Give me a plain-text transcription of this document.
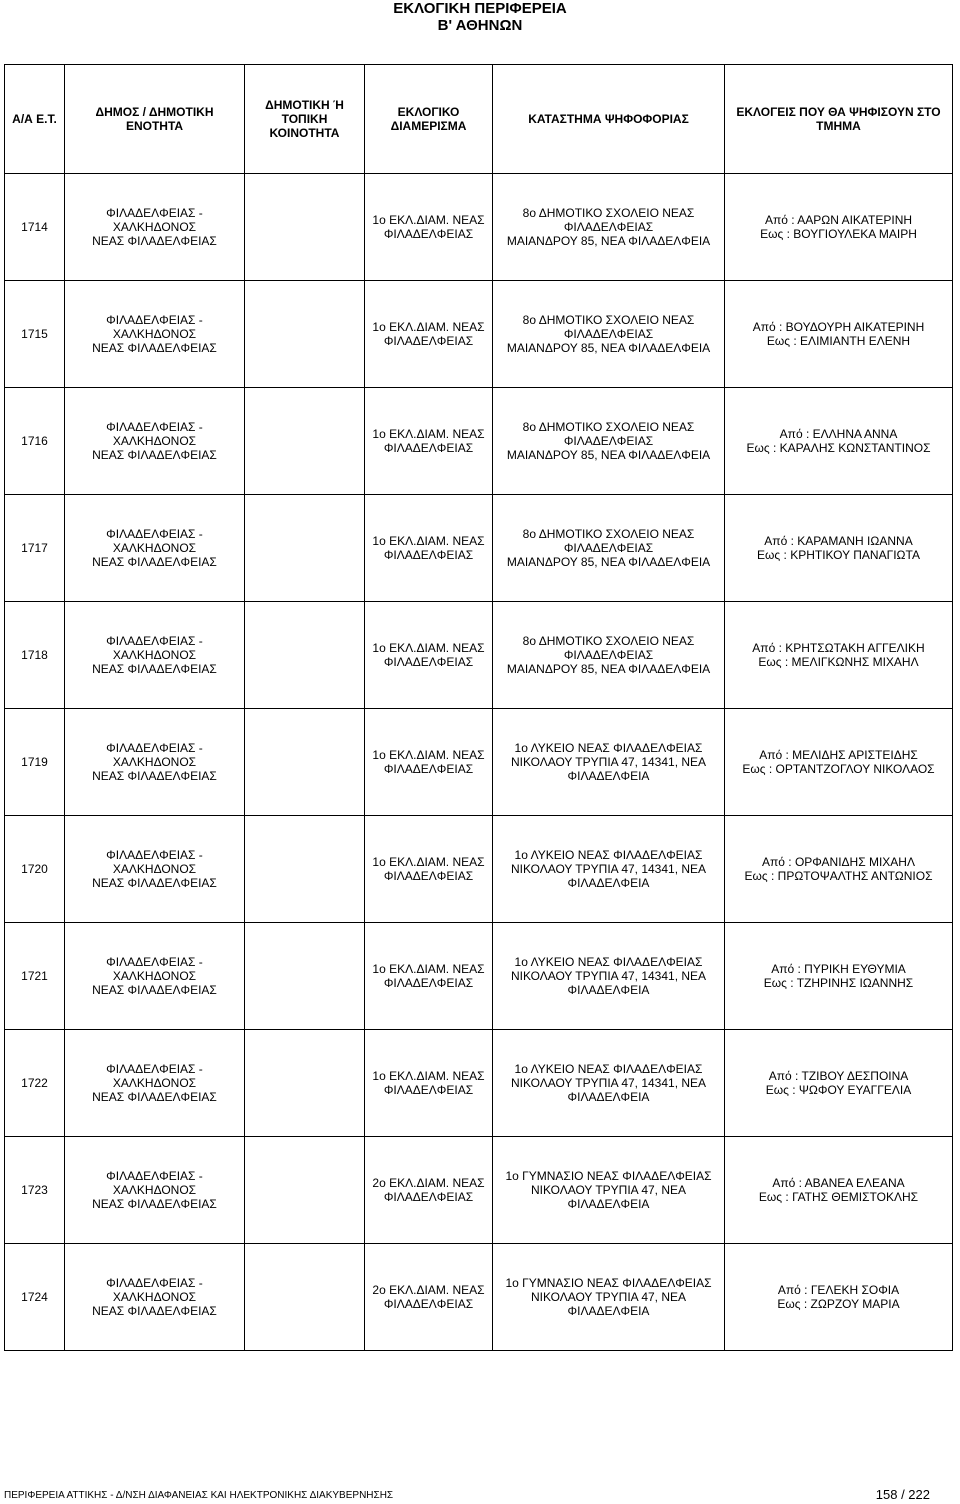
ΕΚΛΟΓΙΚΗ ΠΕΡΙΦΕΡΕΙΑ
Β' ΑΘΗΝΩΝ
Α/Α Ε.Τ.	ΔΗΜΟΣ / ΔΗΜΟΤΙΚΗ
ΕΝΟΤΗΤΑ	ΔΗΜΟΤΙΚΗ Ή ΤΟΠΙΚΗ
ΚΟΙΝΟΤΗΤΑ	ΕΚΛΟΓΙΚΟ ΔΙΑΜΕΡΙΣΜΑ	ΚΑΤΑΣΤΗΜΑ ΨΗΦΟΦΟΡΙΑΣ	ΕΚΛΟΓΕΙΣ ΠΟΥ ΘΑ ΨΗΦΙΣΟΥΝ ΣΤΟ
ΤΜΗΜΑ
1714	ΦΙΛΑΔΕΛΦΕΙΑΣ -
ΧΑΛΚΗΔΟΝΟΣ
ΝΕΑΣ ΦΙΛΑΔΕΛΦΕΙΑΣ		1ο ΕΚΛ.ΔΙΑΜ. ΝΕΑΣ
ΦΙΛΑΔΕΛΦΕΙΑΣ	8ο ΔΗΜΟΤΙΚΟ ΣΧΟΛΕΙΟ ΝΕΑΣ
ΦΙΛΑΔΕΛΦΕΙΑΣ
ΜΑΙΑΝΔΡΟΥ 85, ΝΕΑ ΦΙΛΑΔΕΛΦΕΙΑ	Από : ΑΑΡΩΝ ΑΙΚΑΤΕΡΙΝΗ
Εως : ΒΟΥΓΙΟΥΛΕΚΑ ΜΑΙΡΗ
1715	ΦΙΛΑΔΕΛΦΕΙΑΣ -
ΧΑΛΚΗΔΟΝΟΣ
ΝΕΑΣ ΦΙΛΑΔΕΛΦΕΙΑΣ		1ο ΕΚΛ.ΔΙΑΜ. ΝΕΑΣ
ΦΙΛΑΔΕΛΦΕΙΑΣ	8ο ΔΗΜΟΤΙΚΟ ΣΧΟΛΕΙΟ ΝΕΑΣ
ΦΙΛΑΔΕΛΦΕΙΑΣ
ΜΑΙΑΝΔΡΟΥ 85, ΝΕΑ ΦΙΛΑΔΕΛΦΕΙΑ	Από : ΒΟΥΔΟΥΡΗ ΑΙΚΑΤΕΡΙΝΗ
Εως : ΕΛΙΜΙΑΝΤΗ ΕΛΕΝΗ
1716	ΦΙΛΑΔΕΛΦΕΙΑΣ -
ΧΑΛΚΗΔΟΝΟΣ
ΝΕΑΣ ΦΙΛΑΔΕΛΦΕΙΑΣ		1ο ΕΚΛ.ΔΙΑΜ. ΝΕΑΣ
ΦΙΛΑΔΕΛΦΕΙΑΣ	8ο ΔΗΜΟΤΙΚΟ ΣΧΟΛΕΙΟ ΝΕΑΣ
ΦΙΛΑΔΕΛΦΕΙΑΣ
ΜΑΙΑΝΔΡΟΥ 85, ΝΕΑ ΦΙΛΑΔΕΛΦΕΙΑ	Από : ΕΛΛΗΝΑ ΑΝΝΑ
Εως : ΚΑΡΑΛΗΣ ΚΩΝΣΤΑΝΤΙΝΟΣ
1717	ΦΙΛΑΔΕΛΦΕΙΑΣ -
ΧΑΛΚΗΔΟΝΟΣ
ΝΕΑΣ ΦΙΛΑΔΕΛΦΕΙΑΣ		1ο ΕΚΛ.ΔΙΑΜ. ΝΕΑΣ
ΦΙΛΑΔΕΛΦΕΙΑΣ	8ο ΔΗΜΟΤΙΚΟ ΣΧΟΛΕΙΟ ΝΕΑΣ
ΦΙΛΑΔΕΛΦΕΙΑΣ
ΜΑΙΑΝΔΡΟΥ 85, ΝΕΑ ΦΙΛΑΔΕΛΦΕΙΑ	Από : ΚΑΡΑΜΑΝΗ ΙΩΑΝΝΑ
Εως : ΚΡΗΤΙΚΟΥ ΠΑΝΑΓΙΩΤΑ
1718	ΦΙΛΑΔΕΛΦΕΙΑΣ -
ΧΑΛΚΗΔΟΝΟΣ
ΝΕΑΣ ΦΙΛΑΔΕΛΦΕΙΑΣ		1ο ΕΚΛ.ΔΙΑΜ. ΝΕΑΣ
ΦΙΛΑΔΕΛΦΕΙΑΣ	8ο ΔΗΜΟΤΙΚΟ ΣΧΟΛΕΙΟ ΝΕΑΣ
ΦΙΛΑΔΕΛΦΕΙΑΣ
ΜΑΙΑΝΔΡΟΥ 85, ΝΕΑ ΦΙΛΑΔΕΛΦΕΙΑ	Από : ΚΡΗΤΣΩΤΑΚΗ ΑΓΓΕΛΙΚΗ
Εως : ΜΕΛΙΓΚΩΝΗΣ ΜΙΧΑΗΛ
1719	ΦΙΛΑΔΕΛΦΕΙΑΣ -
ΧΑΛΚΗΔΟΝΟΣ
ΝΕΑΣ ΦΙΛΑΔΕΛΦΕΙΑΣ		1ο ΕΚΛ.ΔΙΑΜ. ΝΕΑΣ
ΦΙΛΑΔΕΛΦΕΙΑΣ	1ο ΛΥΚΕΙΟ ΝΕΑΣ ΦΙΛΑΔΕΛΦΕΙΑΣ
ΝΙΚΟΛΑΟΥ ΤΡΥΠΙΑ 47, 14341, ΝΕΑ
ΦΙΛΑΔΕΛΦΕΙΑ	Από : ΜΕΛΙΔΗΣ ΑΡΙΣΤΕΙΔΗΣ
Εως : ΟΡΤΑΝΤΖΟΓΛΟΥ ΝΙΚΟΛΑΟΣ
1720	ΦΙΛΑΔΕΛΦΕΙΑΣ -
ΧΑΛΚΗΔΟΝΟΣ
ΝΕΑΣ ΦΙΛΑΔΕΛΦΕΙΑΣ		1ο ΕΚΛ.ΔΙΑΜ. ΝΕΑΣ
ΦΙΛΑΔΕΛΦΕΙΑΣ	1ο ΛΥΚΕΙΟ ΝΕΑΣ ΦΙΛΑΔΕΛΦΕΙΑΣ
ΝΙΚΟΛΑΟΥ ΤΡΥΠΙΑ 47, 14341, ΝΕΑ
ΦΙΛΑΔΕΛΦΕΙΑ	Από : ΟΡΦΑΝΙΔΗΣ ΜΙΧΑΗΛ
Εως : ΠΡΩΤΟΨΑΛΤΗΣ ΑΝΤΩΝΙΟΣ
1721	ΦΙΛΑΔΕΛΦΕΙΑΣ -
ΧΑΛΚΗΔΟΝΟΣ
ΝΕΑΣ ΦΙΛΑΔΕΛΦΕΙΑΣ		1ο ΕΚΛ.ΔΙΑΜ. ΝΕΑΣ
ΦΙΛΑΔΕΛΦΕΙΑΣ	1ο ΛΥΚΕΙΟ ΝΕΑΣ ΦΙΛΑΔΕΛΦΕΙΑΣ
ΝΙΚΟΛΑΟΥ ΤΡΥΠΙΑ 47, 14341, ΝΕΑ
ΦΙΛΑΔΕΛΦΕΙΑ	Από : ΠΥΡΙΚΗ ΕΥΘΥΜΙΑ
Εως : ΤΖΗΡΙΝΗΣ ΙΩΑΝΝΗΣ
1722	ΦΙΛΑΔΕΛΦΕΙΑΣ -
ΧΑΛΚΗΔΟΝΟΣ
ΝΕΑΣ ΦΙΛΑΔΕΛΦΕΙΑΣ		1ο ΕΚΛ.ΔΙΑΜ. ΝΕΑΣ
ΦΙΛΑΔΕΛΦΕΙΑΣ	1ο ΛΥΚΕΙΟ ΝΕΑΣ ΦΙΛΑΔΕΛΦΕΙΑΣ
ΝΙΚΟΛΑΟΥ ΤΡΥΠΙΑ 47, 14341, ΝΕΑ
ΦΙΛΑΔΕΛΦΕΙΑ	Από : ΤΖΙΒΟΥ ΔΕΣΠΟΙΝΑ
Εως : ΨΩΦΟΥ ΕΥΑΓΓΕΛΙΑ
1723	ΦΙΛΑΔΕΛΦΕΙΑΣ -
ΧΑΛΚΗΔΟΝΟΣ
ΝΕΑΣ ΦΙΛΑΔΕΛΦΕΙΑΣ		2ο ΕΚΛ.ΔΙΑΜ. ΝΕΑΣ
ΦΙΛΑΔΕΛΦΕΙΑΣ	1ο ΓΥΜΝΑΣΙΟ ΝΕΑΣ ΦΙΛΑΔΕΛΦΕΙΑΣ
ΝΙΚΟΛΑΟΥ ΤΡΥΠΙΑ 47, ΝΕΑ ΦΙΛΑΔΕΛΦΕΙΑ	Από : ΑΒΑΝΕΑ ΕΛΕΑΝΑ
Εως : ΓΑΤΗΣ ΘΕΜΙΣΤΟΚΛΗΣ
1724	ΦΙΛΑΔΕΛΦΕΙΑΣ -
ΧΑΛΚΗΔΟΝΟΣ
ΝΕΑΣ ΦΙΛΑΔΕΛΦΕΙΑΣ		2ο ΕΚΛ.ΔΙΑΜ. ΝΕΑΣ
ΦΙΛΑΔΕΛΦΕΙΑΣ	1ο ΓΥΜΝΑΣΙΟ ΝΕΑΣ ΦΙΛΑΔΕΛΦΕΙΑΣ
ΝΙΚΟΛΑΟΥ ΤΡΥΠΙΑ 47, ΝΕΑ ΦΙΛΑΔΕΛΦΕΙΑ	Από : ΓΕΛΕΚΗ ΣΟΦΙΑ
Εως : ΖΩΡΖΟΥ ΜΑΡΙΑ
ΠΕΡΙΦΕΡΕΙΑ ΑΤΤΙΚΗΣ - Δ/ΝΣΗ ΔΙΑΦΑΝΕΙΑΣ ΚΑΙ ΗΛΕΚΤΡΟΝΙΚΗΣ ΔΙΑΚΥΒΕΡΝΗΣΗΣ	158 / 222
